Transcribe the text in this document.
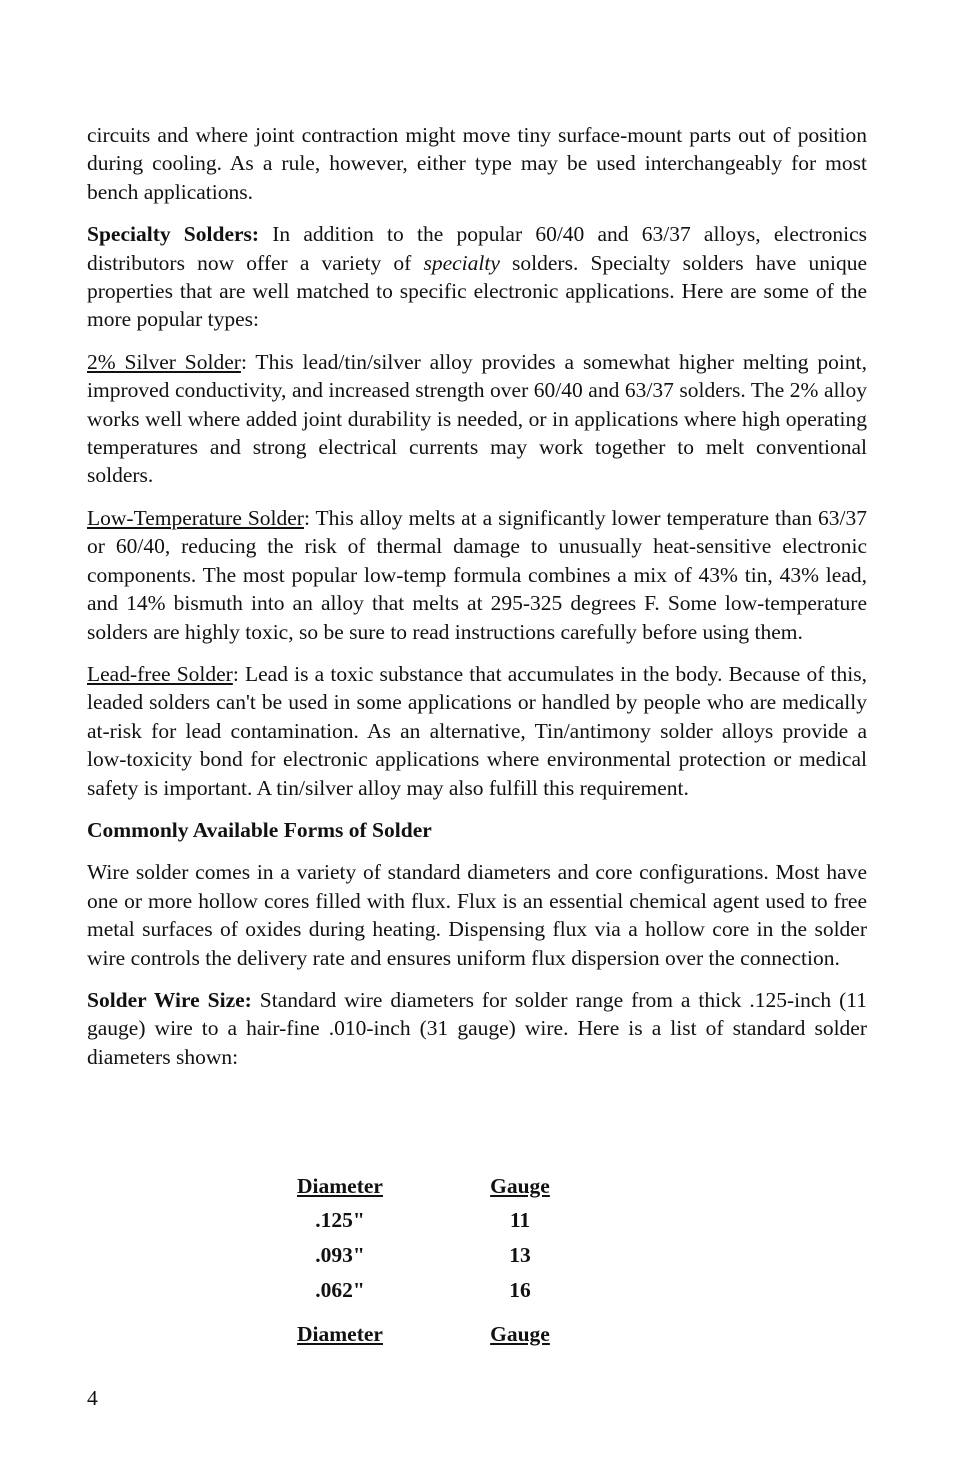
circuits and where joint contraction might move tiny surface-mount parts out of position during cooling. As a rule, however, either type may be used interchangeably for most bench applications.

Specialty Solders: In addition to the popular 60/40 and 63/37 alloys, electronics distributors now offer a variety of specialty solders. Specialty solders have unique properties that are well matched to specific electronic applications. Here are some of the more popular types:

2% Silver Solder: This lead/tin/silver alloy provides a somewhat higher melting point, improved conductivity, and increased strength over 60/40 and 63/37 solders. The 2% alloy works well where added joint durability is needed, or in applications where high operating temperatures and strong electrical currents may work together to melt conventional solders.

Low-Temperature Solder: This alloy melts at a significantly lower temperature than 63/37 or 60/40, reducing the risk of thermal damage to unusually heat-sensitive electronic components. The most popular low-temp formula combines a mix of 43% tin, 43% lead, and 14% bismuth into an alloy that melts at 295-325 degrees F. Some low-temperature solders are highly toxic, so be sure to read instructions carefully before using them.

Lead-free Solder: Lead is a toxic substance that accumulates in the body. Because of this, leaded solders can't be used in some applications or handled by people who are medically at-risk for lead contamination. As an alternative, Tin/antimony solder alloys provide a low-toxicity bond for electronic applications where environmental protection or medical safety is important. A tin/silver alloy may also fulfill this requirement.

Commonly Available Forms of Solder

Wire solder comes in a variety of standard diameters and core configurations. Most have one or more hollow cores filled with flux. Flux is an essential chemical agent used to free metal surfaces of oxides during heating. Dispensing flux via a hollow core in the solder wire controls the delivery rate and ensures uniform flux dispersion over the connection.

Solder Wire Size: Standard wire diameters for solder range from a thick .125-inch (11 gauge) wire to a hair-fine .010-inch (31 gauge) wire. Here is a list of standard solder diameters shown:

Diameter	Gauge
.125"	11
.093"	13
.062"	16
Diameter	Gauge
4
